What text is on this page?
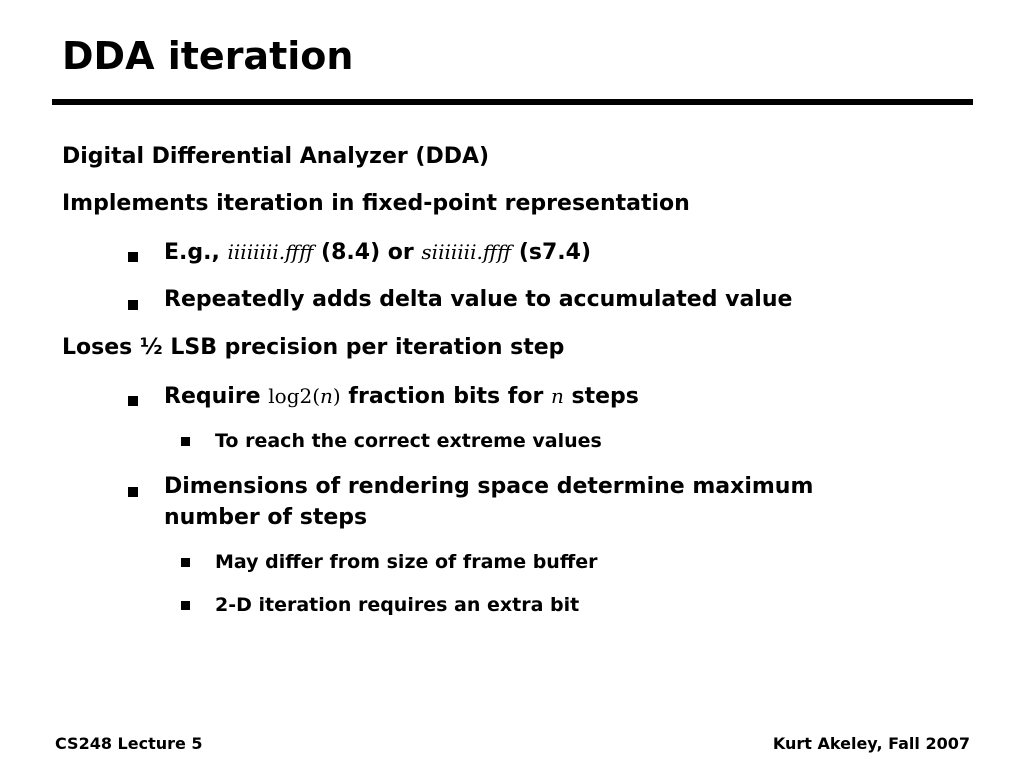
DDA iteration
Digital Differential Analyzer (DDA)
Implements iteration in fixed-point representation
E.g., iiiiiiii.ffff (8.4) or siiiiiii.ffff (s7.4)
Repeatedly adds delta value to accumulated value
Loses ½ LSB precision per iteration step
Require log2(n) fraction bits for n steps
To reach the correct extreme values
Dimensions of rendering space determine maximum
number of steps
May differ from size of frame buffer
2-D iteration requires an extra bit
CS248 Lecture 5	Kurt Akeley, Fall 2007
